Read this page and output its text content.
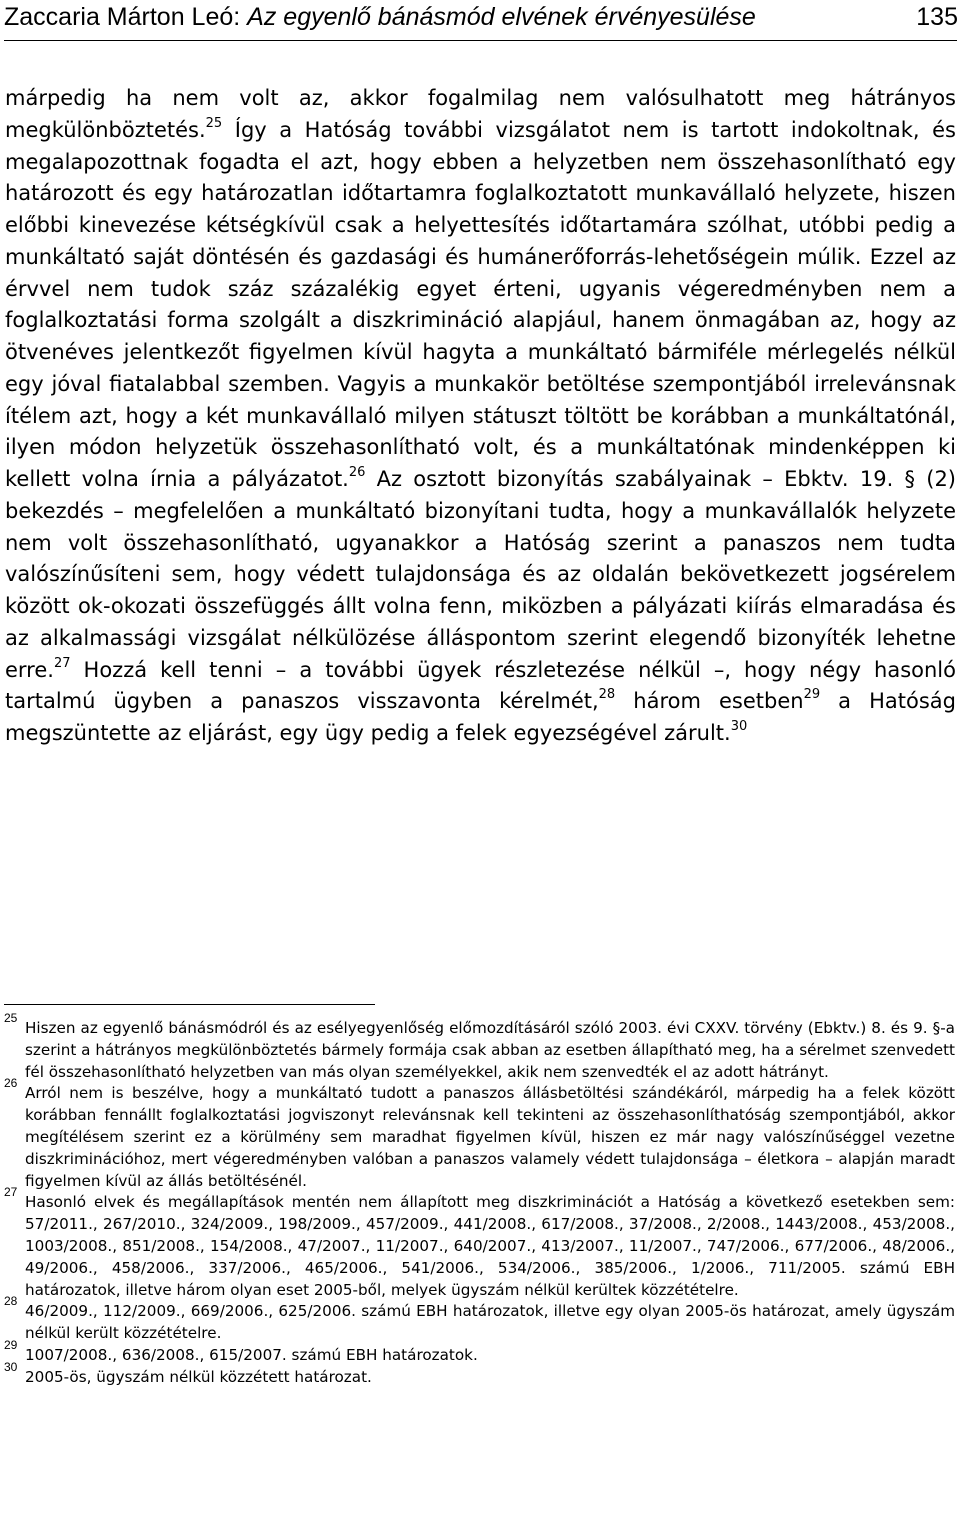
Zaccaria Márton Leó: Az egyenlő bánásmód elvének érvényesülése	135
márpedig ha nem volt az, akkor fogalmilag nem valósulhatott meg hátrányos megkülönböztetés.$^{25}$ Így a Hatóság további vizsgálatot nem is tartott indokoltnak, és megalapozottnak fogadta el azt, hogy ebben a helyzetben nem összehasonlítható egy határozott és egy határozatlan időtartamra foglalkoztatott munkavállaló helyzete, hiszen előbbi kinevezése kétségkívül csak a helyettesítés időtartamára szólhat, utóbbi pedig a munkáltató saját döntésén és gazdasági és humánerőforrás-lehetőségein múlik. Ezzel az érvvel nem tudok száz százalékig egyet érteni, ugyanis végeredményben nem a foglalkoztatási forma szolgált a diszkrimináció alapjául, hanem önmagában az, hogy az ötvenéves jelentkezőt figyelmen kívül hagyta a munkáltató bármiféle mérlegelés nélkül egy jóval fiatalabbal szemben. Vagyis a munkakör betöltése szempontjából irrelevánsnak ítélem azt, hogy a két munkavállaló milyen státuszt töltött be korábban a munkáltatónál, ilyen módon helyzetük összehasonlítható volt, és a munkáltatónak mindenképpen ki kellett volna írnia a pályázatot.$^{26}$ Az osztott bizonyítás szabályainak – Ebktv. 19. § (2) bekezdés – megfelelően a munkáltató bizonyítani tudta, hogy a munkavállalók helyzete nem volt összehasonlítható, ugyanakkor a Hatóság szerint a panaszos nem tudta valószínűsíteni sem, hogy védett tulajdonsága és az oldalán bekövetkezett jogsérelem között ok-okozati összefüggés állt volna fenn, miközben a pályázati kiírás elmaradása és az alkalmassági vizsgálat nélkülözése álláspontom szerint elegendő bizonyíték lehetne erre.$^{27}$ Hozzá kell tenni – a további ügyek részletezése nélkül –, hogy négy hasonló tartalmú ügyben a panaszos visszavonta kérelmét,$^{28}$ három esetben$^{29}$ a Hatóság megszüntette az eljárást, egy ügy pedig a felek egyezségével zárult.$^{30}$
25
Hiszen az egyenlő bánásmódról és az esélyegyenlőség előmozdításáról szóló 2003. évi CXXV. törvény (Ebktv.) 8. és 9. §-a szerint a hátrányos megkülönböztetés bármely formája csak abban az esetben állapítható meg, ha a sérelmet szenvedett fél összehasonlítható helyzetben van más olyan személyekkel, akik nem szenvedték el az adott hátrányt.
26
Arról nem is beszélve, hogy a munkáltató tudott a panaszos állásbetöltési szándékáról, márpedig ha a felek között korábban fennállt foglalkoztatási jogviszonyt relevánsnak kell tekinteni az összehasonlíthatóság szempontjából, akkor megítélésem szerint ez a körülmény sem maradhat figyelmen kívül, hiszen ez már nagy valószínűséggel vezetne diszkriminációhoz, mert végeredményben valóban a panaszos valamely védett tulajdonsága – életkora – alapján maradt figyelmen kívül az állás betöltésénél.
27
Hasonló elvek és megállapítások mentén nem állapított meg diszkriminációt a Hatóság a következő esetekben sem: 57/2011., 267/2010., 324/2009., 198/2009., 457/2009., 441/2008., 617/2008., 37/2008., 2/2008., 1443/2008., 453/2008., 1003/2008., 851/2008., 154/2008., 47/2007., 11/2007., 640/2007., 413/2007., 11/2007., 747/2006., 677/2006., 48/2006., 49/2006., 458/2006., 337/2006., 465/2006., 541/2006., 534/2006., 385/2006., 1/2006., 711/2005. számú EBH határozatok, illetve három olyan eset 2005-ből, melyek ügyszám nélkül kerültek közzétételre.
28
46/2009., 112/2009., 669/2006., 625/2006. számú EBH határozatok, illetve egy olyan 2005-ös határozat, amely ügyszám nélkül került közzétételre.
29
1007/2008., 636/2008., 615/2007. számú EBH határozatok.
30
2005-ös, ügyszám nélkül közzétett határozat.
